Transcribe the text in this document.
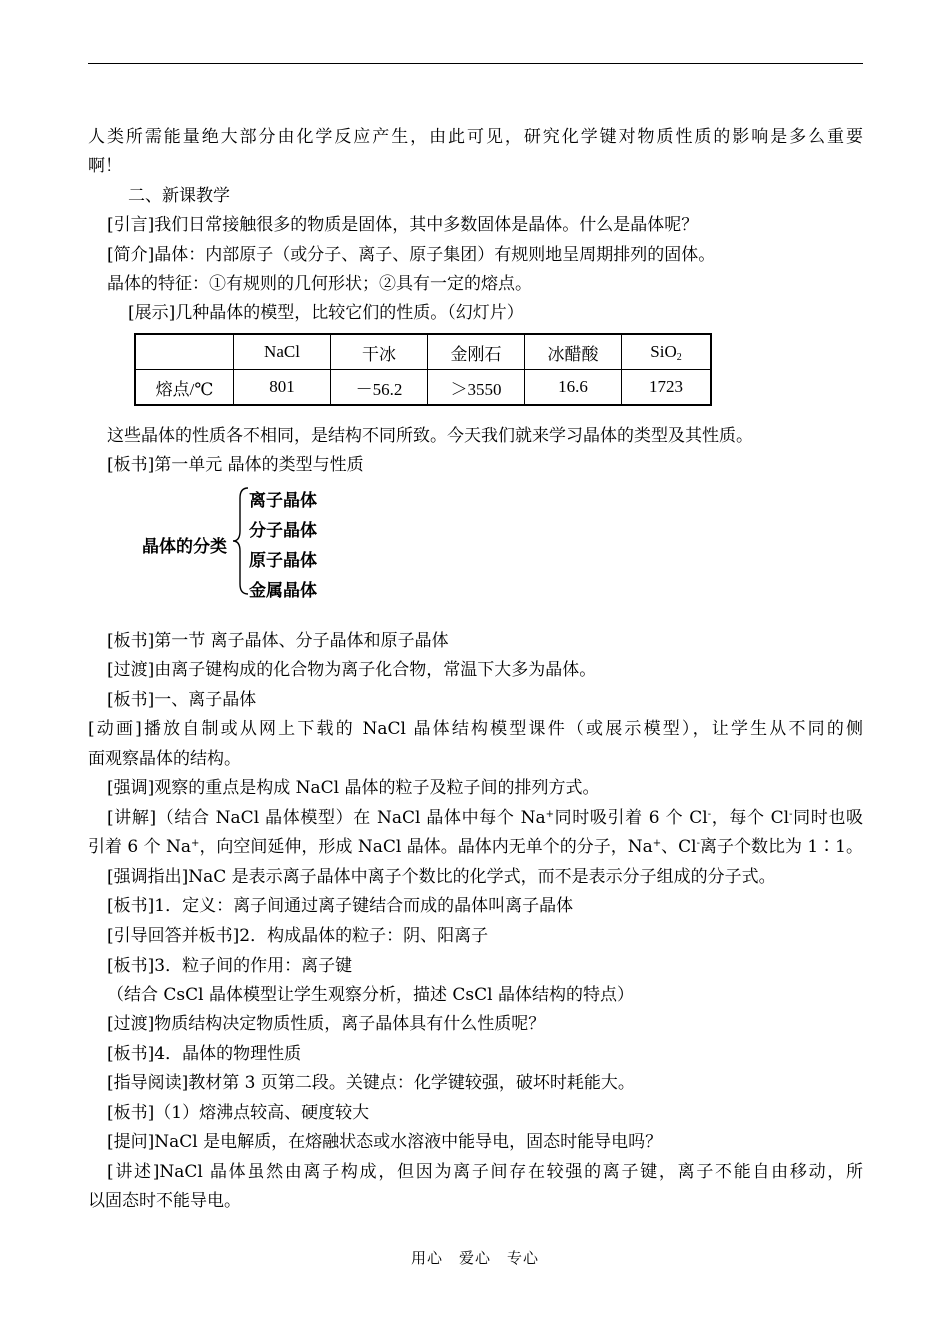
人类所需能量绝大部分由化学反应产生，由此可见，研究化学键对物质性质的影响是多么重要
啊！
二、新课教学
[引言]我们日常接触很多的物质是固体，其中多数固体是晶体。什么是晶体呢？
[简介]晶体：内部原子（或分子、离子、原子集团）有规则地呈周期排列的固体。
晶体的特征：①有规则的几何形状；②具有一定的熔点。
[展示]几种晶体的模型，比较它们的性质。（幻灯片）
	NaCl	干冰	金刚石	冰醋酸	SiO$_2$
熔点/℃	801	－56.2	＞3550	16.6	1723
这些晶体的性质各不相同，是结构不同所致。今天我们就来学习晶体的类型及其性质。
[板书]第一单元 晶体的类型与性质
晶体的分类
离子晶体
分子晶体
原子晶体
金属晶体
[板书]第一节 离子晶体、分子晶体和原子晶体
[过渡]由离子键构成的化合物为离子化合物，常温下大多为晶体。
[板书]一、离子晶体
[动画]播放自制或从网上下载的 NaCl 晶体结构模型课件（或展示模型），让学生从不同的侧
面观察晶体的结构。
[强调]观察的重点是构成 NaCl 晶体的粒子及粒子间的排列方式。
[讲解]（结合 NaCl 晶体模型）在 NaCl 晶体中每个 Na+同时吸引着 6 个 Cl-，每个 Cl-同时也吸
引着 6 个 Na+，向空间延伸，形成 NaCl 晶体。晶体内无单个的分子，Na+、Cl-离子个数比为 1∶1。
[强调指出]NaC 是表示离子晶体中离子个数比的化学式，而不是表示分子组成的分子式。
[板书]1．定义：离子间通过离子键结合而成的晶体叫离子晶体
[引导回答并板书]2．构成晶体的粒子：阴、阳离子
[板书]3．粒子间的作用：离子键
（结合 CsCl 晶体模型让学生观察分析，描述 CsCl 晶体结构的特点）
[过渡]物质结构决定物质性质，离子晶体具有什么性质呢？
[板书]4．晶体的物理性质
[指导阅读]教材第 3 页第二段。关键点：化学键较强，破坏时耗能大。
[板书]（1）熔沸点较高、硬度较大
[提问]NaCl 是电解质，在熔融状态或水溶液中能导电，固态时能导电吗？
[讲述]NaCl 晶体虽然由离子构成，但因为离子间存在较强的离子键，离子不能自由移动，所
以固态时不能导电。
用心　爱心　专心
